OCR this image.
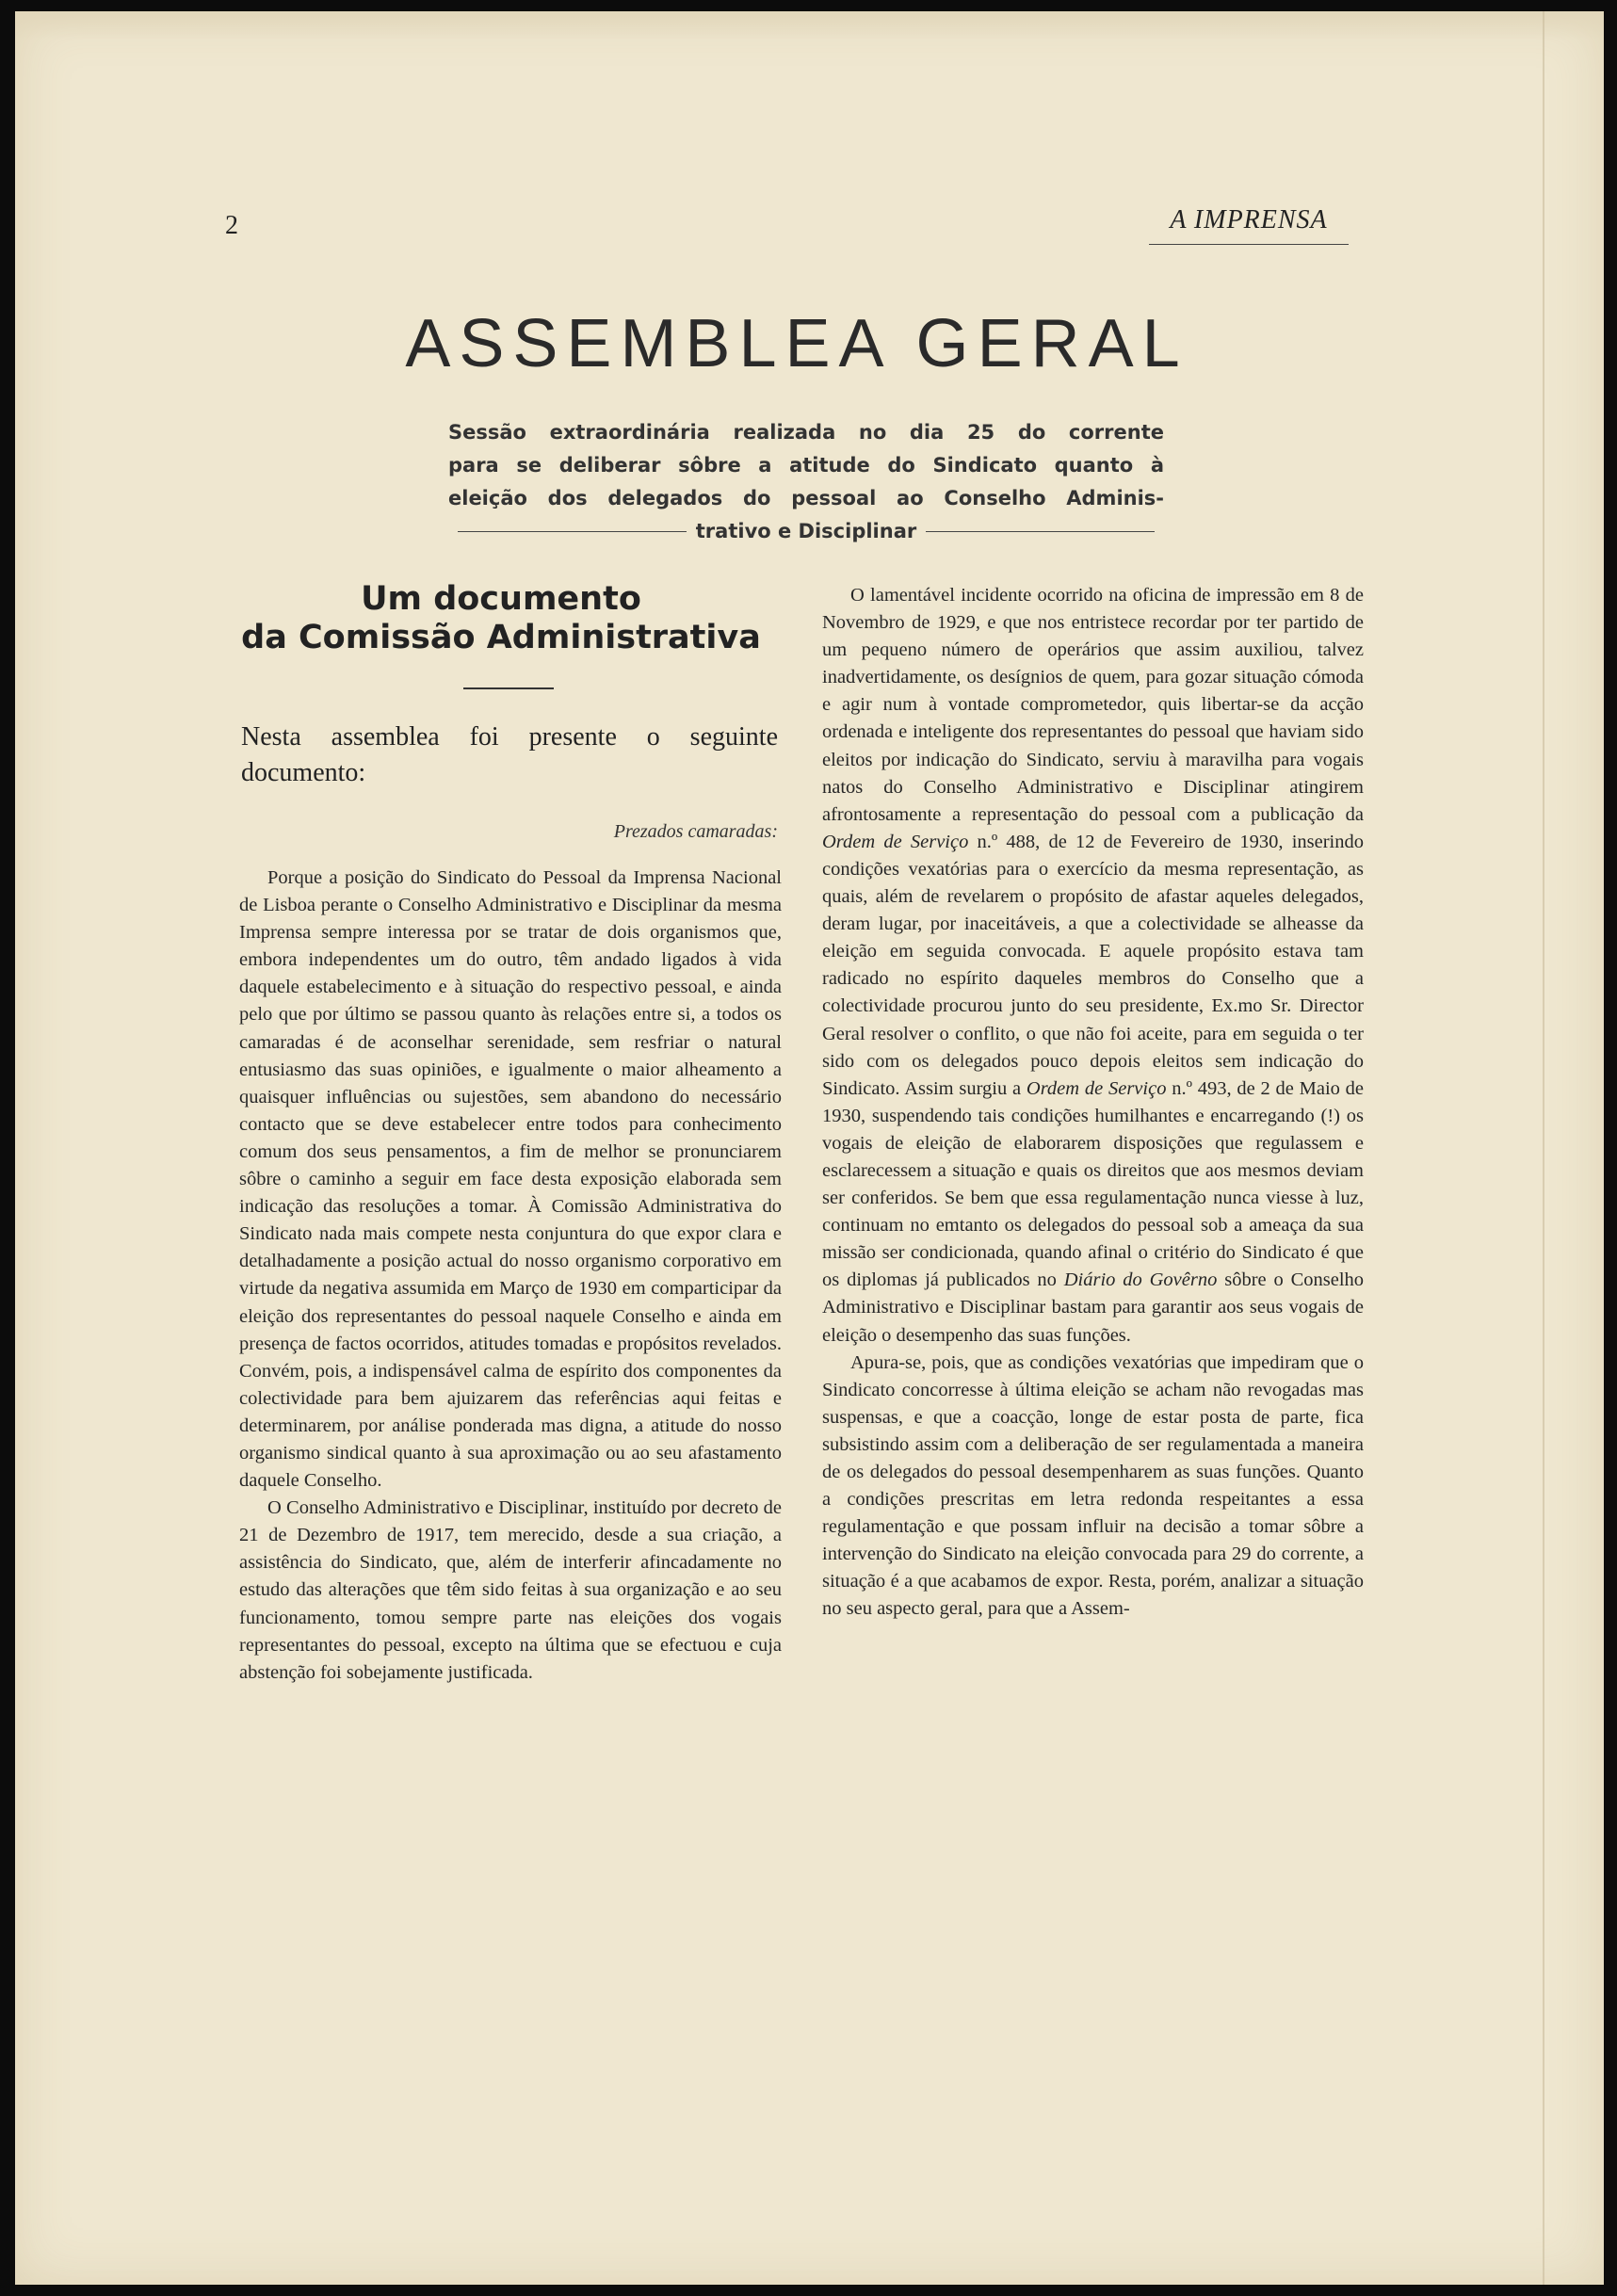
2	A IMPRENSA
ASSEMBLEA GERAL
Sessão extraordinária realizada no dia 25 do corrente
para se deliberar sôbre a atitude do Sindicato quanto à
eleição dos delegados do pessoal ao Conselho Adminis-
trativo e Disciplinar
Um documento
da Comissão Administrativa
Nesta assemblea foi presente o seguinte documento:
Prezados camaradas:

Porque a posição do Sindicato do Pessoal da Imprensa Nacional de Lisboa perante o Conselho Administrativo e Disciplinar da mesma Imprensa sempre interessa por se tratar de dois organismos que, embora independentes um do outro, têm andado ligados à vida daquele estabelecimento e à situação do respectivo pessoal, e ainda pelo que por último se passou quanto às relações entre si, a todos os camaradas é de aconselhar serenidade, sem resfriar o natural entusiasmo das suas opiniões, e igualmente o maior alheamento a quaisquer influências ou sujestões, sem abandono do necessário contacto que se deve estabelecer entre todos para conhecimento comum dos seus pensamentos, a fim de melhor se pronunciarem sôbre o caminho a seguir em face desta exposição elaborada sem indicação das resoluções a tomar. À Comissão Administrativa do Sindicato nada mais compete nesta conjuntura do que expor clara e detalhadamente a posição actual do nosso organismo corporativo em virtude da negativa assumida em Março de 1930 em comparticipar da eleição dos representantes do pessoal naquele Conselho e ainda em presença de factos ocorridos, atitudes tomadas e propósitos revelados. Convém, pois, a indispensável calma de espírito dos componentes da colectividade para bem ajuizarem das referências aqui feitas e determinarem, por análise ponderada mas digna, a atitude do nosso organismo sindical quanto à sua aproximação ou ao seu afastamento daquele Conselho.

O Conselho Administrativo e Disciplinar, instituído por decreto de 21 de Dezembro de 1917, tem merecido, desde a sua criação, a assistência do Sindicato, que, além de interferir afincadamente no estudo das alterações que têm sido feitas à sua organização e ao seu funcionamento, tomou sempre parte nas eleições dos vogais representantes do pessoal, excepto na última que se efectuou e cuja abstenção foi sobejamente justificada.

O lamentável incidente ocorrido na oficina de impressão em 8 de Novembro de 1929, e que nos entristece recordar por ter partido de um pequeno número de operários que assim auxiliou, talvez inadvertidamente, os desígnios de quem, para gozar situação cómoda e agir num à vontade comprometedor, quis libertar-se da acção ordenada e inteligente dos representantes do pessoal que haviam sido eleitos por indicação do Sindicato, serviu à maravilha para vogais natos do Conselho Administrativo e Disciplinar atingirem afrontosamente a representação do pessoal com a publicação da Ordem de Serviço n.º 488, de 12 de Fevereiro de 1930, inserindo condições vexatórias para o exercício da mesma representação, as quais, além de revelarem o propósito de afastar aqueles delegados, deram lugar, por inaceitáveis, a que a colectividade se alheasse da eleição em seguida convocada. E aquele propósito estava tam radicado no espírito daqueles membros do Conselho que a colectividade procurou junto do seu presidente, Ex.mo Sr. Director Geral resolver o conflito, o que não foi aceite, para em seguida o ter sido com os delegados pouco depois eleitos sem indicação do Sindicato. Assim surgiu a Ordem de Serviço n.º 493, de 2 de Maio de 1930, suspendendo tais condições humilhantes e encarregando (!) os vogais de eleição de elaborarem disposições que regulassem e esclarecessem a situação e quais os direitos que aos mesmos deviam ser conferidos. Se bem que essa regulamentação nunca viesse à luz, continuam no emtanto os delegados do pessoal sob a ameaça da sua missão ser condicionada, quando afinal o critério do Sindicato é que os diplomas já publicados no Diário do Govêrno sôbre o Conselho Administrativo e Disciplinar bastam para garantir aos seus vogais de eleição o desempenho das suas funções.

Apura-se, pois, que as condições vexatórias que impediram que o Sindicato concorresse à última eleição se acham não revogadas mas suspensas, e que a coacção, longe de estar posta de parte, fica subsistindo assim com a deliberação de ser regulamentada a maneira de os delegados do pessoal desempenharem as suas funções. Quanto a condições prescritas em letra redonda respeitantes a essa regulamentação e que possam influir na decisão a tomar sôbre a intervenção do Sindicato na eleição convocada para 29 do corrente, a situação é a que acabamos de expor. Resta, porém, analizar a situação no seu aspecto geral, para que a Assem-
